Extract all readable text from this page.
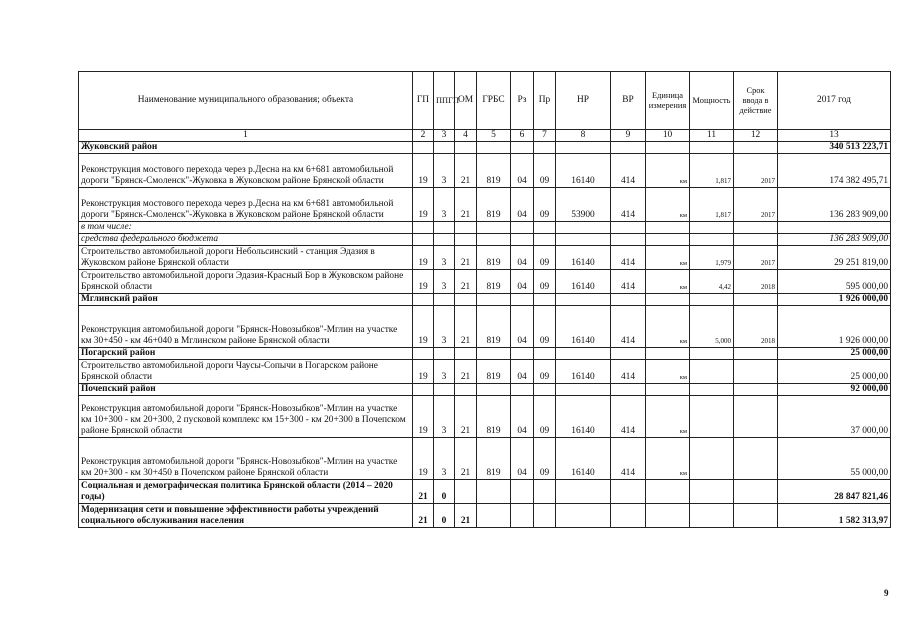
Наименование муниципального образования; объекта	ГП	ППГП	ОМ	ГРБС	Рз	Пр	НР	ВР	Единица измерения	Мощность	Срок ввода в действие	2017 год
1	2	3	4	5	6	7	8	9	10	11	12	13
Жуковский район												340 513 223,71
Реконструкция мостового перехода через р.Десна на км 6+681 автомобильной дороги "Брянск-Смоленск"-Жуковка в Жуковском районе Брянской области	19	3	21	819	04	09	16140	414	км	1,817	2017	174 382 495,71
Реконструкция мостового перехода через р.Десна на км 6+681 автомобильной дороги "Брянск-Смоленск"-Жуковка в Жуковском районе Брянской области	19	3	21	819	04	09	53900	414	км	1,817	2017	136 283 909,00
в том числе:												
средства федерального бюджета												136 283 909,00
Строительство автомобильной дороги Небольсинский - станция Эдазия в Жуковском районе Брянской области	19	3	21	819	04	09	16140	414	км	1,979	2017	29 251 819,00
Строительство автомобильной дороги Эдазия-Красный Бор в Жуковском районе Брянской области	19	3	21	819	04	09	16140	414	км	4,42	2018	595 000,00
Мглинский район												1 926 000,00
Реконструкция автомобильной дороги "Брянск-Новозыбков"-Мглин на участке км 30+450 - км 46+040 в Мглинском районе Брянской области	19	3	21	819	04	09	16140	414	км	5,000	2018	1 926 000,00
Погарский район												25 000,00
Строительство автомобильной дороги Чаусы-Сопычи в Погарском районе Брянской области	19	3	21	819	04	09	16140	414	км			25 000,00
Почепский район												92 000,00
Реконструкция автомобильной дороги "Брянск-Новозыбков"-Мглин на участке км 10+300 - км 20+300, 2 пусковой комплекс км 15+300 - км 20+300 в Почепском районе Брянской области	19	3	21	819	04	09	16140	414	км			37 000,00
Реконструкция автомобильной дороги "Брянск-Новозыбков"-Мглин на участке км 20+300 - км 30+450 в Почепском районе Брянской области	19	3	21	819	04	09	16140	414	км			55 000,00
Социальная и демографическая политика Брянской области (2014 – 2020 годы)	21	0										28 847 821,46
Модернизация сети и повышение эффективности работы учреждений социального обслуживания населения	21	0	21									1 582 313,97
9
